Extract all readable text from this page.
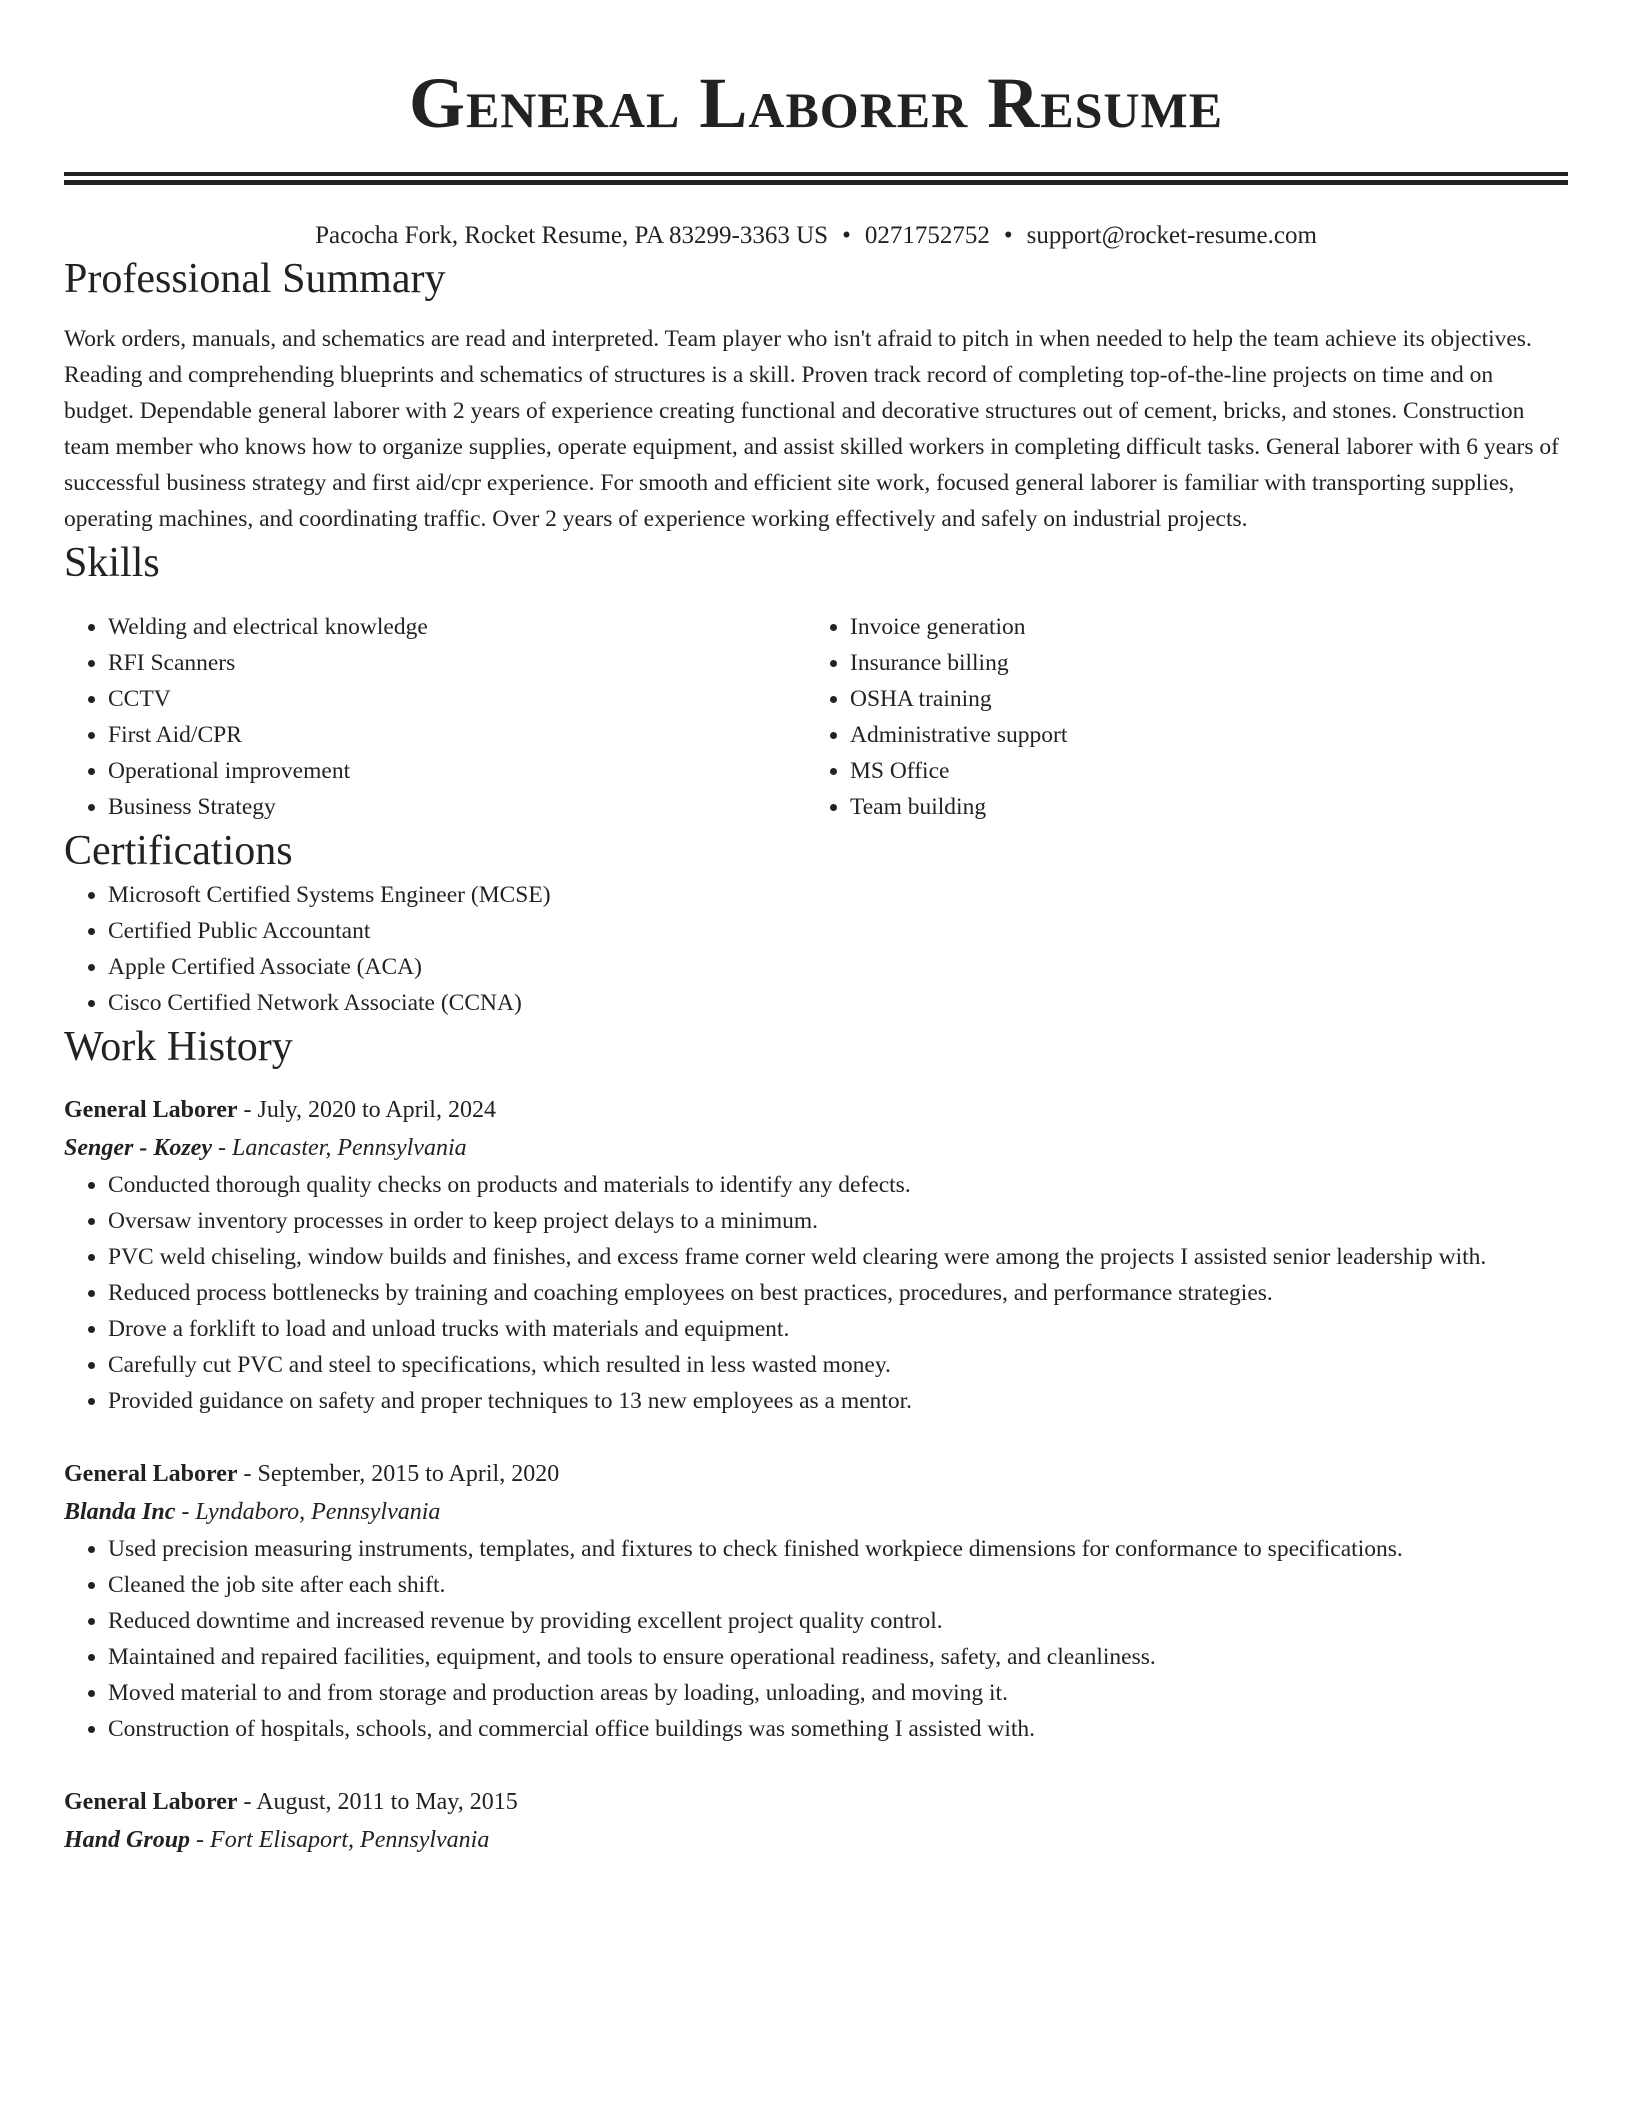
General Laborer Resume
Pacocha Fork, Rocket Resume, PA 83299-3363 US • 0271752752 • support@rocket-resume.com
Professional Summary
Work orders, manuals, and schematics are read and interpreted. Team player who isn't afraid to pitch in when needed to help the team achieve its objectives. Reading and comprehending blueprints and schematics of structures is a skill. Proven track record of completing top-of-the-line projects on time and on budget. Dependable general laborer with 2 years of experience creating functional and decorative structures out of cement, bricks, and stones. Construction team member who knows how to organize supplies, operate equipment, and assist skilled workers in completing difficult tasks. General laborer with 6 years of successful business strategy and first aid/cpr experience. For smooth and efficient site work, focused general laborer is familiar with transporting supplies, operating machines, and coordinating traffic. Over 2 years of experience working effectively and safely on industrial projects.
Skills
• Welding and electrical knowledge
• RFI Scanners
• CCTV
• First Aid/CPR
• Operational improvement
• Business Strategy
• Invoice generation
• Insurance billing
• OSHA training
• Administrative support
• MS Office
• Team building
Certifications
• Microsoft Certified Systems Engineer (MCSE)
• Certified Public Accountant
• Apple Certified Associate (ACA)
• Cisco Certified Network Associate (CCNA)
Work History
General Laborer - July, 2020 to April, 2024
Senger - Kozey - Lancaster, Pennsylvania
• Conducted thorough quality checks on products and materials to identify any defects.
• Oversaw inventory processes in order to keep project delays to a minimum.
• PVC weld chiseling, window builds and finishes, and excess frame corner weld clearing were among the projects I assisted senior leadership with.
• Reduced process bottlenecks by training and coaching employees on best practices, procedures, and performance strategies.
• Drove a forklift to load and unload trucks with materials and equipment.
• Carefully cut PVC and steel to specifications, which resulted in less wasted money.
• Provided guidance on safety and proper techniques to 13 new employees as a mentor.
General Laborer - September, 2015 to April, 2020
Blanda Inc - Lyndaboro, Pennsylvania
• Used precision measuring instruments, templates, and fixtures to check finished workpiece dimensions for conformance to specifications.
• Cleaned the job site after each shift.
• Reduced downtime and increased revenue by providing excellent project quality control.
• Maintained and repaired facilities, equipment, and tools to ensure operational readiness, safety, and cleanliness.
• Moved material to and from storage and production areas by loading, unloading, and moving it.
• Construction of hospitals, schools, and commercial office buildings was something I assisted with.
General Laborer - August, 2011 to May, 2015
Hand Group - Fort Elisaport, Pennsylvania
